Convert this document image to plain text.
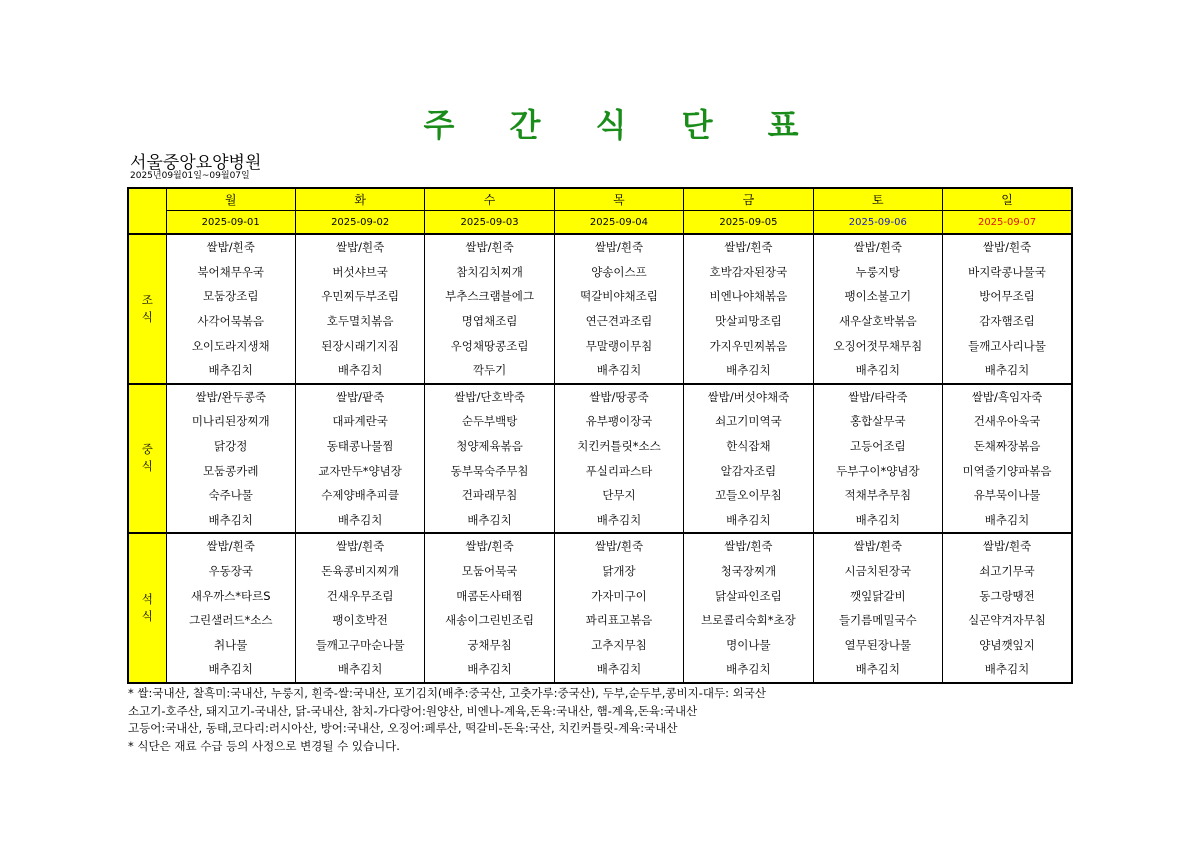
주 간 식 단 표
서울중앙요양병원
2025년09월01일~09월07일
	월	화	수	목	금	토	일
	2025-09-01	2025-09-02	2025-09-03	2025-09-04	2025-09-05	2025-09-06	2025-09-07

조
식	쌀밥/흰죽	쌀밥/흰죽	쌀밥/흰죽	쌀밥/흰죽	쌀밥/흰죽	쌀밥/흰죽	쌀밥/흰죽
	북어채무우국	버섯샤브국	참치김치찌개	양송이스프	호박감자된장국	누룽지탕	바지락콩나물국
	모둠장조림	우민찌두부조림	부추스크램블에그	떡갈비야채조림	비엔나야채볶음	팽이소불고기	방어무조림
	사각어묵볶음	호두멸치볶음	명엽채조림	연근견과조림	맛살피망조림	새우살호박볶음	감자햄조림
	오이도라지생채	된장시래기지짐	우엉채땅콩조림	무말랭이무침	가지우민찌볶음	오징어젓무채무침	들깨고사리나물
	배추김치	배추김치	깍두기	배추김치	배추김치	배추김치	배추김치

중
식	쌀밥/완두콩죽	쌀밥/팥죽	쌀밥/단호박죽	쌀밥/땅콩죽	쌀밥/버섯야채죽	쌀밥/타락죽	쌀밥/흑임자죽
	미나리된장찌개	대파계란국	순두부백탕	유부팽이장국	쇠고기미역국	홍합살무국	건새우아욱국
	닭강정	동태콩나물찜	청양제육볶음	치킨커틀릿*소스	한식잡채	고등어조림	돈채짜장볶음
	모둠콩카레	교자만두*양념장	동부묵숙주무침	푸실리파스타	알감자조림	두부구이*양념장	미역줄기양파볶음
	숙주나물	수제양배추피클	건파래무침	단무지	꼬들오이무침	적채부추무침	유부묵이나물
	배추김치	배추김치	배추김치	배추김치	배추김치	배추김치	배추김치

석
식	쌀밥/흰죽	쌀밥/흰죽	쌀밥/흰죽	쌀밥/흰죽	쌀밥/흰죽	쌀밥/흰죽	쌀밥/흰죽
	우동장국	돈육콩비지찌개	모둠어묵국	닭개장	청국장찌개	시금치된장국	쇠고기무국
	새우까스*타르S	건새우무조림	매콤돈사태찜	가자미구이	닭살파인조림	깻잎닭갈비	동그랑땡전
	그린샐러드*소스	팽이호박전	새송이그린빈조림	꽈리표고볶음	브로콜리숙회*초장	들기름메밀국수	실곤약겨자무침
	취나물	들깨고구마순나물	궁채무침	고추지무침	명이나물	열무된장나물	양념깻잎지
	배추김치	배추김치	배추김치	배추김치	배추김치	배추김치	배추김치
* 쌀:국내산, 찰흑미:국내산, 누룽지, 흰죽-쌀:국내산, 포기김치(배추:중국산, 고춧가루:중국산), 두부,순두부,콩비지-대두: 외국산
소고기-호주산, 돼지고기-국내산, 닭-국내산, 참치-가다랑어:원양산, 비엔나-계육,돈육:국내산, 햄-계육,돈육:국내산
고등어:국내산, 동태,코다리:러시아산, 방어:국내산, 오징어:페루산, 떡갈비-돈육:국산, 치킨커틀릿-계육:국내산
* 식단은 재료 수급 등의 사정으로 변경될 수 있습니다.
